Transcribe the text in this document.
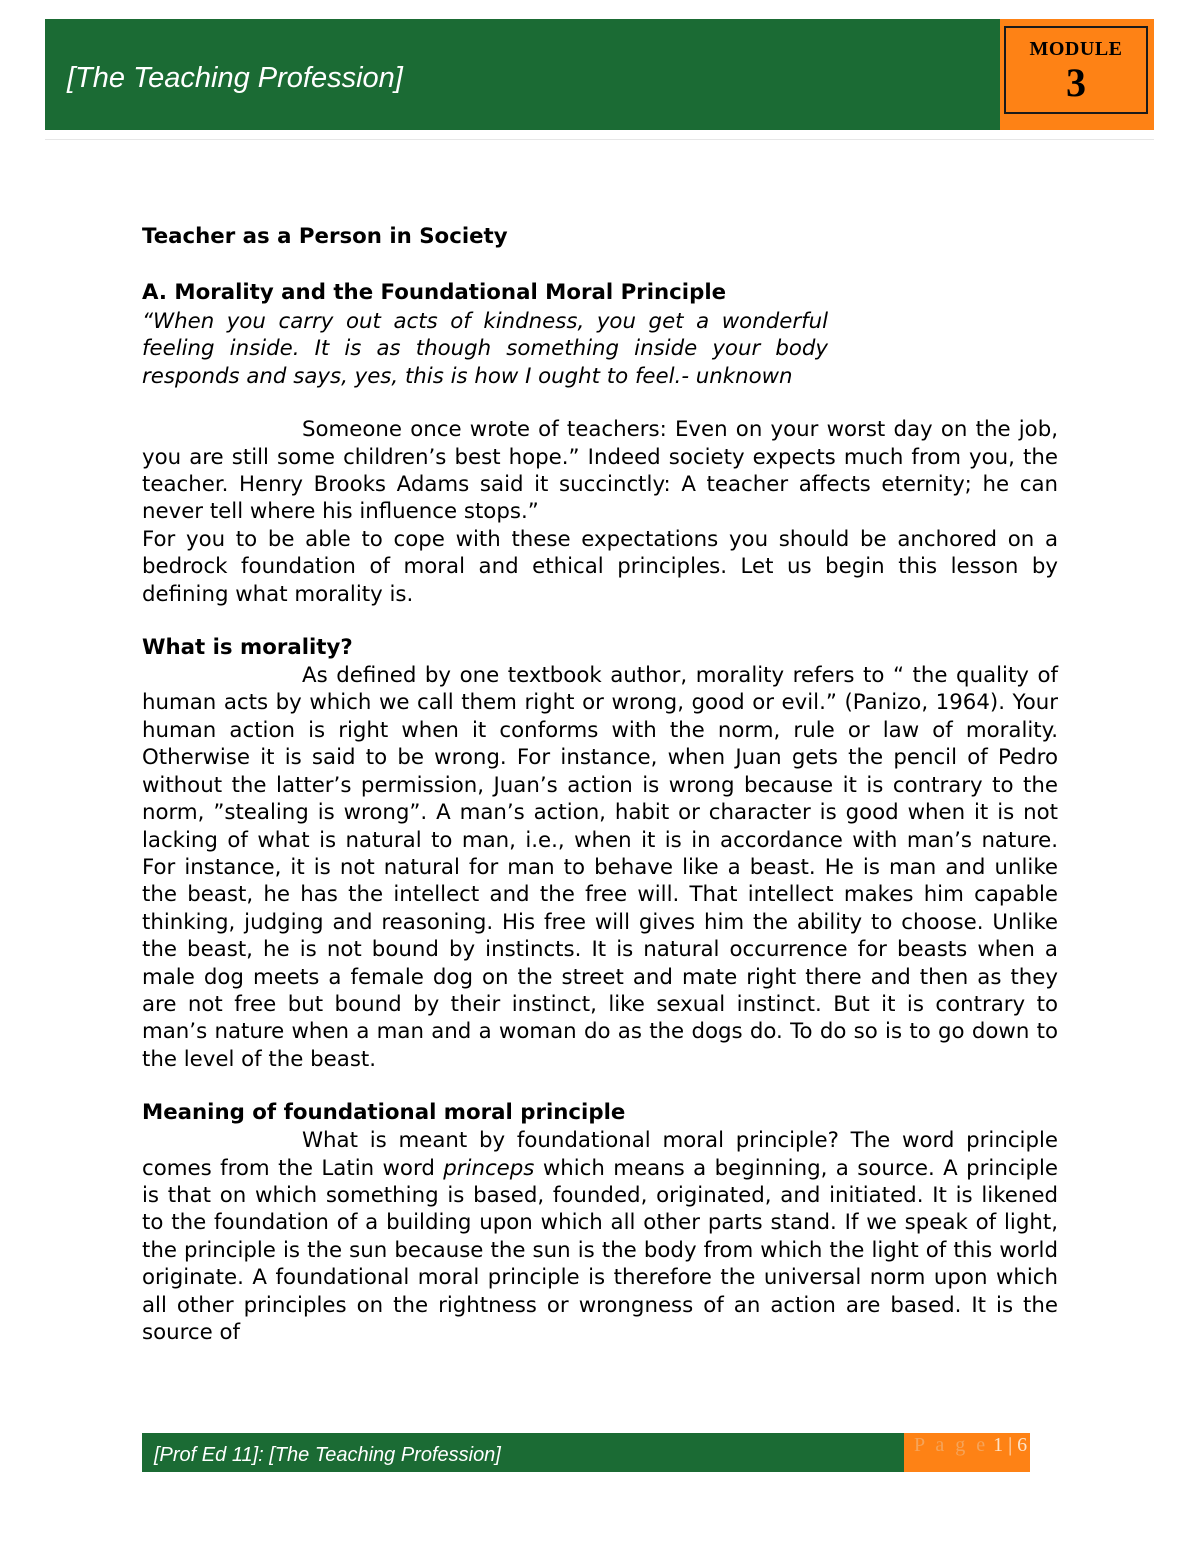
[The Teaching Profession]
MODULE
3

Teacher as a Person in Society

A. Morality and the Foundational Moral Principle

“When you carry out acts of kindness, you get a wonderful feeling inside. It is as though something inside your body responds and says, yes, this is how I ought to feel.- unknown

Someone once wrote of teachers: Even on your worst day on the job, you are still some children’s best hope.” Indeed society expects much from you, the teacher. Henry Brooks Adams said it succinctly: A teacher affects eternity; he can never tell where his influence stops.”

For you to be able to cope with these expectations you should be anchored on a bedrock foundation of moral and ethical principles. Let us begin this lesson by defining what morality is.

What is morality?

As defined by one textbook author, morality refers to “ the quality of human acts by which we call them right or wrong, good or evil.” (Panizo, 1964). Your human action is right when it conforms with the norm, rule or law of morality. Otherwise it is said to be wrong. For instance, when Juan gets the pencil of Pedro without the latter’s permission, Juan’s action is wrong because it is contrary to the norm, ”stealing is wrong”. A man’s action, habit or character is good when it is not lacking of what is natural to man, i.e., when it is in accordance with man’s nature. For instance, it is not natural for man to behave like a beast. He is man and unlike the beast, he has the intellect and the free will. That intellect makes him capable thinking, judging and reasoning. His free will gives him the ability to choose. Unlike the beast, he is not bound by instincts. It is natural occurrence for beasts when a male dog meets a female dog on the street and mate right there and then as they are not free but bound by their instinct, like sexual instinct. But it is contrary to man’s nature when a man and a woman do as the dogs do. To do so is to go down to the level of the beast.

Meaning of foundational moral principle

What is meant by foundational moral principle? The word principle comes from the Latin word princeps which means a beginning, a source. A principle is that on which something is based, founded, originated, and initiated. It is likened to the foundation of a building upon which all other parts stand. If we speak of light, the principle is the sun because the sun is the body from which the light of this world originate. A foundational moral principle is therefore the universal norm upon which all other principles on the rightness or wrongness of an action are based. It is the source of

[Prof Ed 11]: [The Teaching Profession]	P a g e 1 | 6
